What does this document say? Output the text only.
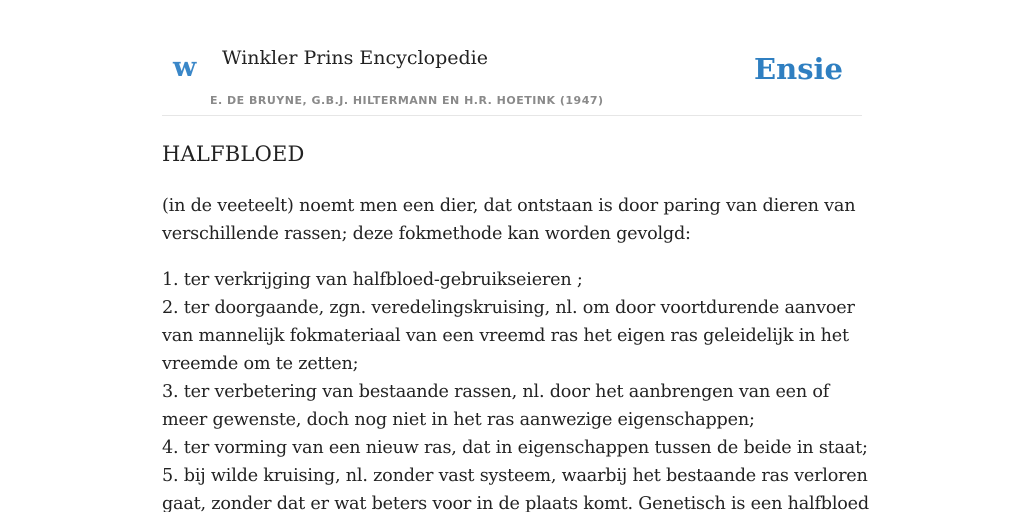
w Winkler Prins Encyclopedie
E. DE BRUYNE, G.B.J. HILTERMANN EN H.R. HOETINK (1947)
Ensie
HALFBLOED

(in de veeteelt) noemt men een dier, dat ontstaan is door paring van dieren van verschillende rassen; deze fokmethode kan worden gevolgd:

1. ter verkrijging van halfbloed-gebruikseieren ;

2. ter doorgaande, zgn. veredelingskruising, nl. om door voortdurende aanvoer van mannelijk fokmateriaal van een vreemd ras het eigen ras geleidelijk in het vreemde om te zetten;

3. ter verbetering van bestaande rassen, nl. door het aanbrengen van een of meer gewenste, doch nog niet in het ras aanwezige eigenschappen;

4. ter vorming van een nieuw ras, dat in eigenschappen tussen de beide in staat;

5. bij wilde kruising, nl. zonder vast systeem, waarbij het bestaande ras verloren gaat, zonder dat er wat beters voor in de plaats komt. Genetisch is een halfbloed
